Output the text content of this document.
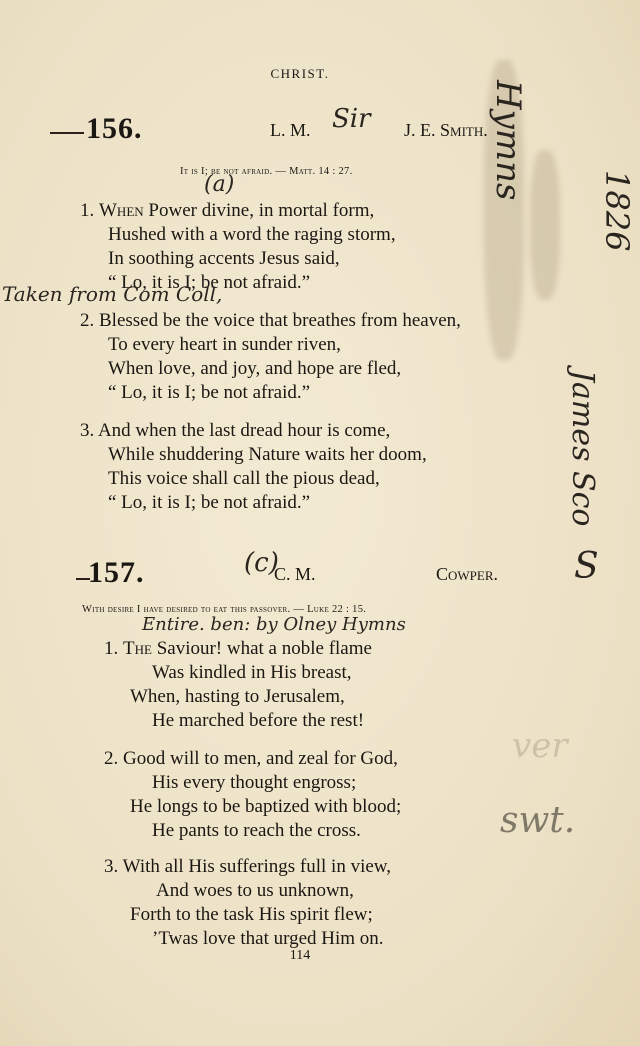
CHRIST.
156.	L. M.	J. E. Smith.
Sir
It is I; be not afraid. — Matt. 14 : 27.
(a)
1. When Power divine, in mortal form,
Hushed with a word the raging storm,
In soothing accents Jesus said,
“ Lo, it is I; be not afraid.”
Taken from Com Coll,
2. Blessed be the voice that breathes from heaven,
To every heart in sunder riven,
When love, and joy, and hope are fled,
“ Lo, it is I; be not afraid.”
3. And when the last dread hour is come,
While shuddering Nature waits her doom,
This voice shall call the pious dead,
“ Lo, it is I; be not afraid.”
157.	C. M.	Cowper.
(c)
With desire I have desired to eat this passover. — Luke 22 : 15.
Entire. ben: by Olney Hymns
1. The Saviour! what a noble flame
Was kindled in His breast,
When, hasting to Jerusalem,
He marched before the rest!
2. Good will to men, and zeal for God,
His every thought engross;
He longs to be baptized with blood;
He pants to reach the cross.
3. With all His sufferings full in view,
And woes to us unknown,
Forth to the task His spirit flew;
’Twas love that urged Him on.
114
Hymns
1826
James Sco
S
ver
swt.
